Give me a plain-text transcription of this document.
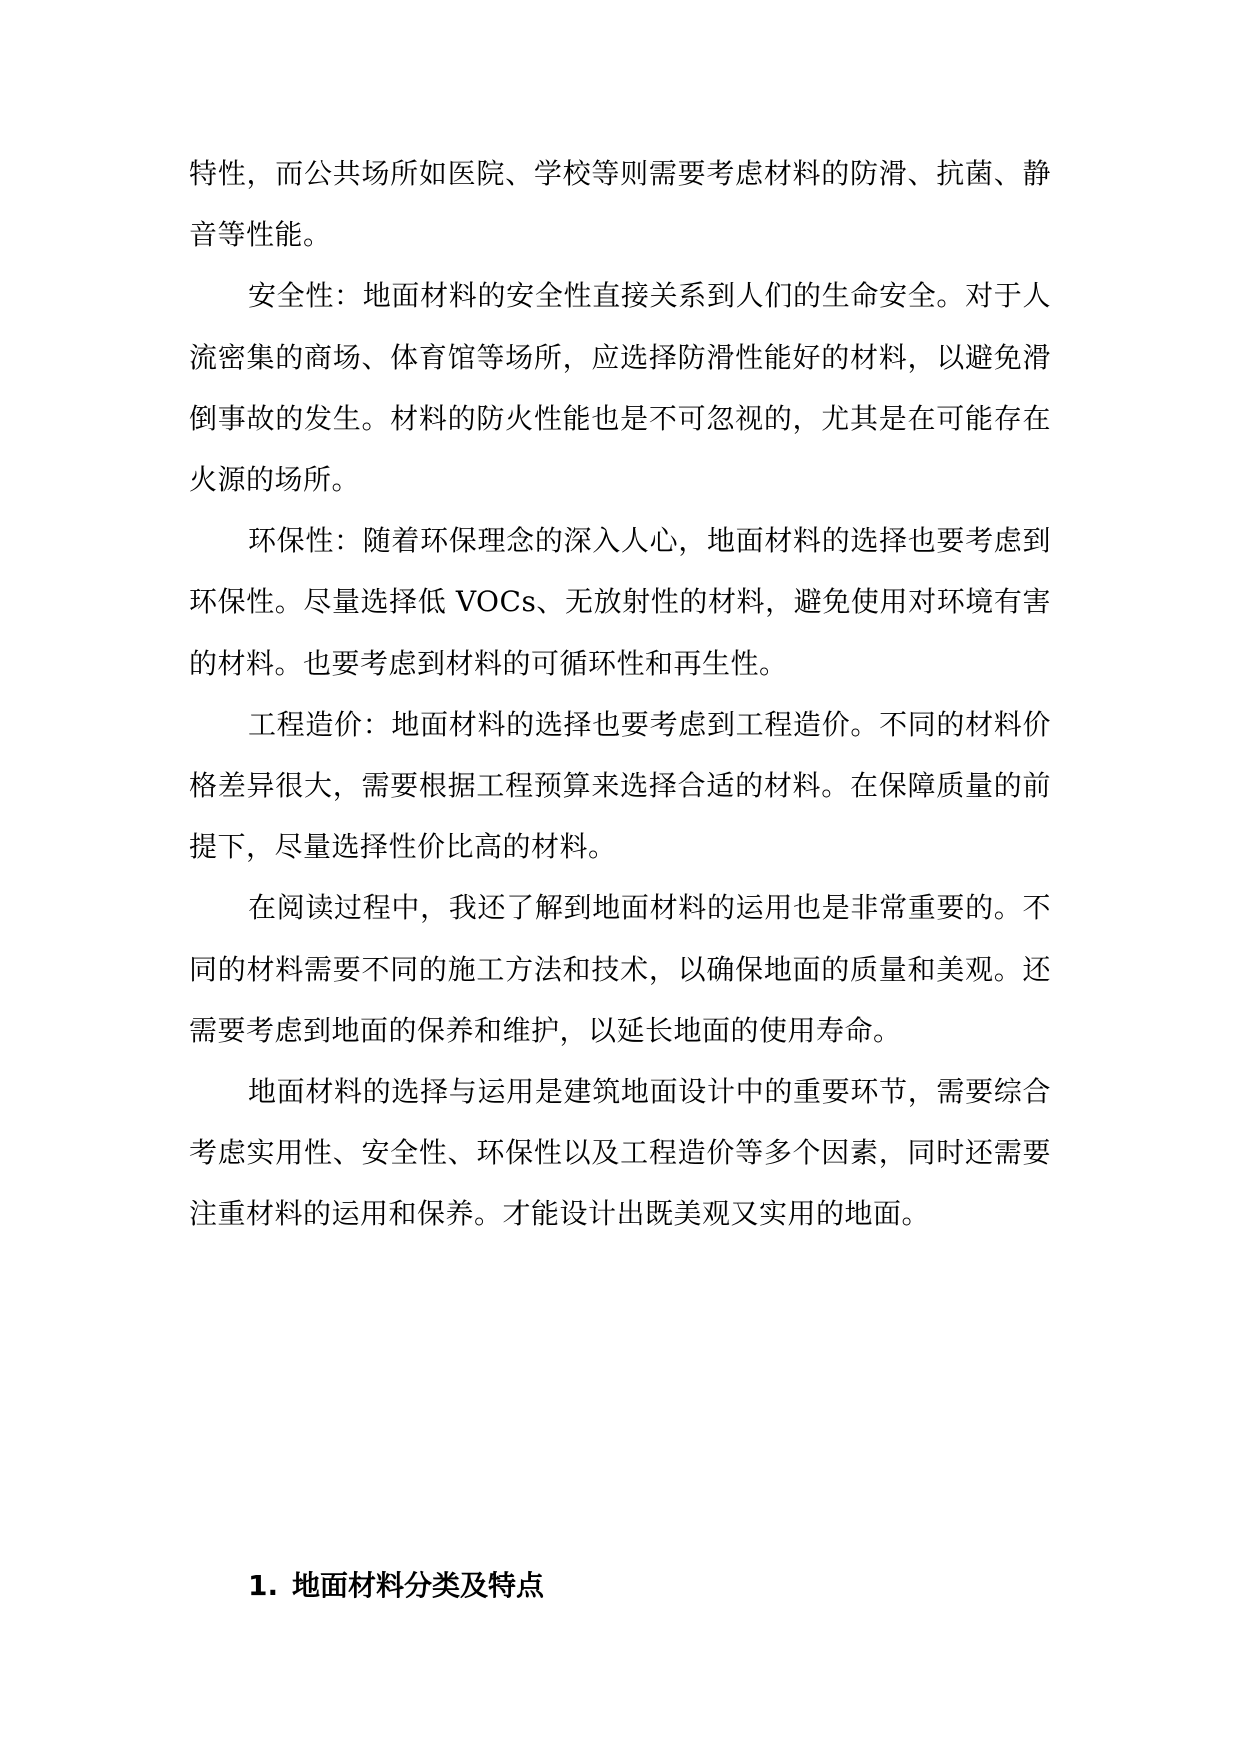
特性，而公共场所如医院、学校等则需要考虑材料的防滑、抗菌、静音等性能。

安全性：地面材料的安全性直接关系到人们的生命安全。对于人流密集的商场、体育馆等场所，应选择防滑性能好的材料，以避免滑倒事故的发生。材料的防火性能也是不可忽视的，尤其是在可能存在火源的场所。

环保性：随着环保理念的深入人心，地面材料的选择也要考虑到环保性。尽量选择低 VOCs、无放射性的材料，避免使用对环境有害的材料。也要考虑到材料的可循环性和再生性。

工程造价：地面材料的选择也要考虑到工程造价。不同的材料价格差异很大，需要根据工程预算来选择合适的材料。在保障质量的前提下，尽量选择性价比高的材料。

在阅读过程中，我还了解到地面材料的运用也是非常重要的。不同的材料需要不同的施工方法和技术，以确保地面的质量和美观。还需要考虑到地面的保养和维护，以延长地面的使用寿命。

地面材料的选择与运用是建筑地面设计中的重要环节，需要综合考虑实用性、安全性、环保性以及工程造价等多个因素，同时还需要注重材料的运用和保养。才能设计出既美观又实用的地面。

1. 地面材料分类及特点
